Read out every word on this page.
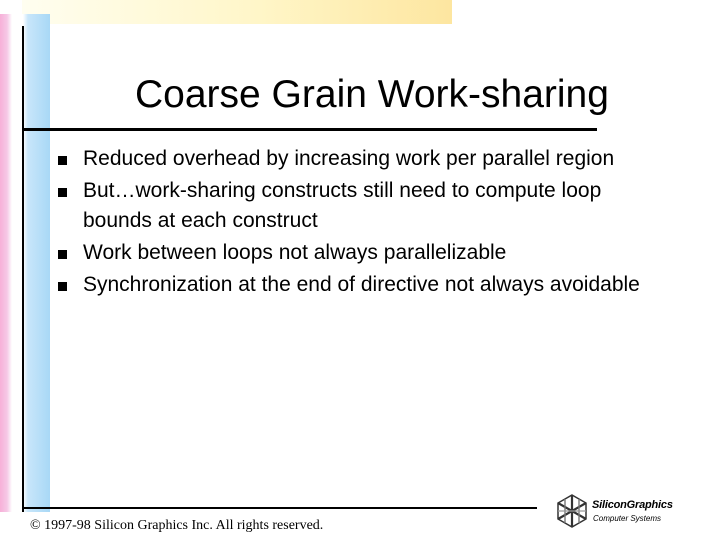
Coarse Grain Work-sharing
Reduced overhead by increasing work per parallel region
But…work-sharing constructs still need to compute loop bounds at each construct
Work between loops not always parallelizable
Synchronization at the end of directive not always avoidable
© 1997-98 Silicon Graphics Inc. All rights reserved.
SiliconGraphics
Computer Systems
